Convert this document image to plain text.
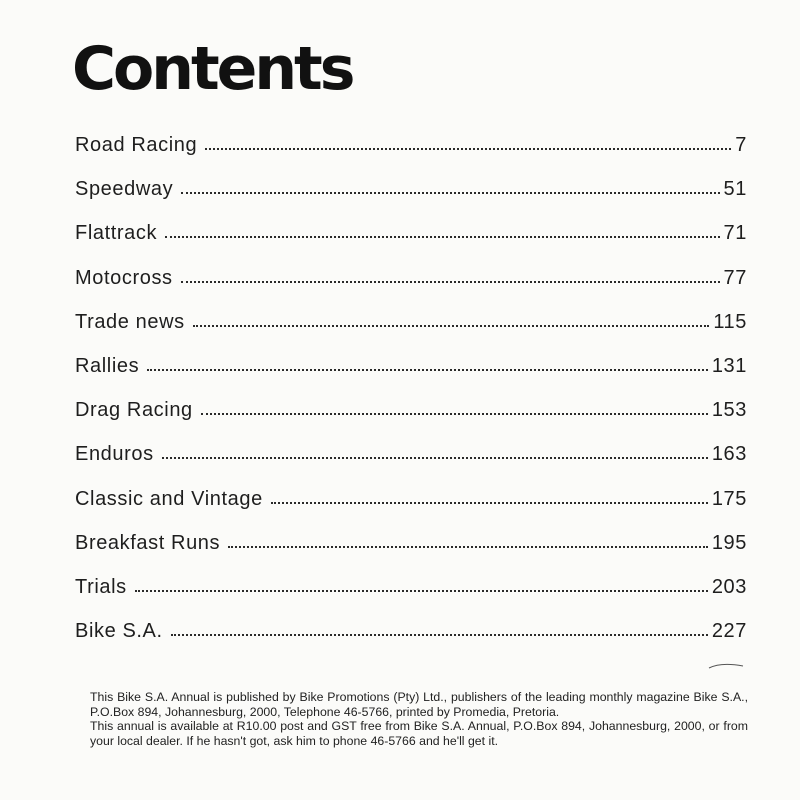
Contents
Road Racing	7
Speedway	51
Flattrack	71
Motocross	77
Trade news	115
Rallies	131
Drag Racing	153
Enduros	163
Classic and Vintage	175
Breakfast Runs	195
Trials	203
Bike S.A.	227

This Bike S.A. Annual is published by Bike Promotions (Pty) Ltd., publishers of the leading monthly magazine Bike S.A., P.O.Box 894, Johannesburg, 2000, Telephone 46-5766, printed by Promedia, Pretoria.

This annual is available at R10.00 post and GST free from Bike S.A. Annual, P.O.Box 894, Johannesburg, 2000, or from your local dealer. If he hasn't got, ask him to phone 46-5766 and he'll get it.
